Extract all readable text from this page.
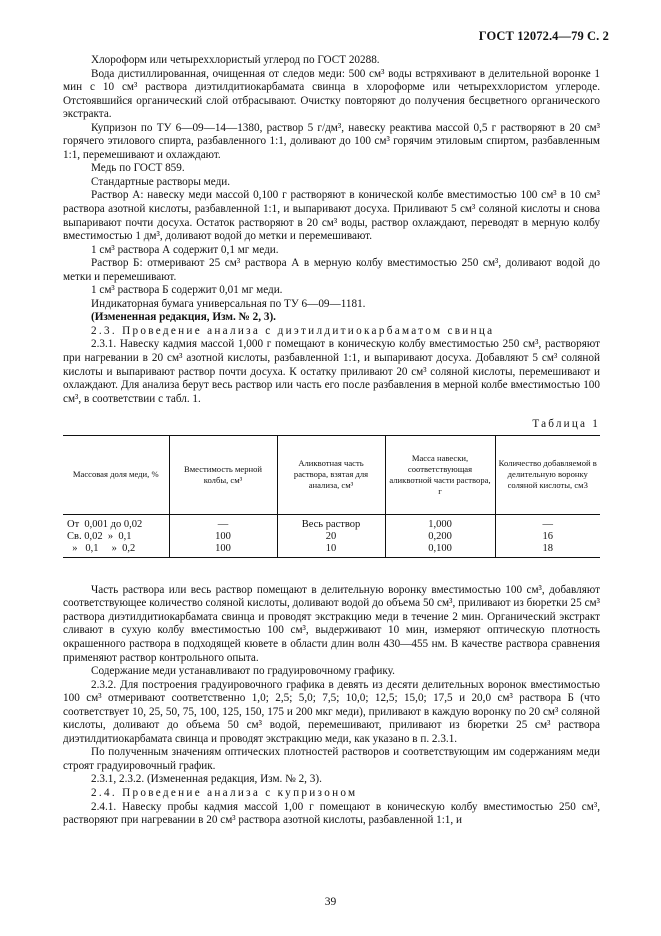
ГОСТ 12072.4—79 С. 2

Хлороформ или четыреххлористый углерод по ГОСТ 20288.

Вода дистиллированная, очищенная от следов меди: 500 см³ воды встряхивают в делительной воронке 1 мин с 10 см³ раствора диэтилдитиокарбамата свинца в хлороформе или четыреххлористом углероде. Отстоявшийся органический слой отбрасывают. Очистку повторяют до получения бесцветного органического экстракта.

Купризон по ТУ 6—09—14—1380, раствор 5 г/дм³, навеску реактива массой 0,5 г растворяют в 20 см³ горячего этилового спирта, разбавленного 1:1, доливают до 100 см³ горячим этиловым спиртом, разбавленным 1:1, перемешивают и охлаждают.

Медь по ГОСТ 859.

Стандартные растворы меди.

Раствор А: навеску меди массой 0,100 г растворяют в конической колбе вместимостью 100 см³ в 10 см³ раствора азотной кислоты, разбавленной 1:1, и выпаривают досуха. Приливают 5 см³ соляной кислоты и снова выпаривают почти досуха. Остаток растворяют в 20 см³ воды, раствор охлаждают, переводят в мерную колбу вместимостью 1 дм³, доливают водой до метки и перемешивают.

1 см³ раствора А содержит 0,1 мг меди.

Раствор Б: отмеривают 25 см³ раствора А в мерную колбу вместимостью 250 см³, доливают водой до метки и перемешивают.

1 см³ раствора Б содержит 0,01 мг меди.

Индикаторная бумага универсальная по ТУ 6—09—1181.

(Измененная редакция, Изм. № 2, 3).

2.3. Проведение анализа с диэтилдитиокарбаматом свинца

2.3.1. Навеску кадмия массой 1,000 г помещают в коническую колбу вместимостью 250 см³, растворяют при нагревании в 20 см³ азотной кислоты, разбавленной 1:1, и выпаривают досуха. Добавляют 5 см³ соляной кислоты и выпаривают раствор почти досуха. К остатку приливают 20 см³ соляной кислоты, перемешивают и охлаждают. Для анализа берут весь раствор или часть его после разбавления в мерной колбе вместимостью 100 см³, в соответствии с табл. 1.

Таблица 1
Массовая доля меди, %	Вместимость мерной колбы, см³	Аликвотная часть раствора, взятая для анализа, см³	Масса навески, соответствующая аликвотной части раствора, г	Количество добавляемой в делительную воронку соляной кислоты, см3
От  0,001 до 0,02	—	Весь раствор	1,000	—
Св. 0,02  »  0,1	100	20	0,200	16
»   0,1     »  0,2	100	10	0,100	18

Часть раствора или весь раствор помещают в делительную воронку вместимостью 100 см³, добавляют соответствующее количество соляной кислоты, доливают водой до объема 50 см³, приливают из бюретки 25 см³ раствора диэтилдитиокарбамата свинца и проводят экстракцию меди в течение 2 мин. Органический экстракт сливают в сухую колбу вместимостью 100 см³, выдерживают 10 мин, измеряют оптическую плотность окрашенного раствора в подходящей кювете в области длин волн 430—455 нм. В качестве раствора сравнения применяют раствор контрольного опыта.

Содержание меди устанавливают по градуировочному графику.

2.3.2. Для построения градуировочного графика в девять из десяти делительных воронок вместимостью 100 см³ отмеривают соответственно 1,0; 2,5; 5,0; 7,5; 10,0; 12,5; 15,0; 17,5 и 20,0 см³ раствора Б (что соответствует 10, 25, 50, 75, 100, 125, 150, 175 и 200 мкг меди), приливают в каждую воронку по 20 см³ соляной кислоты, доливают до объема 50 см³ водой, перемешивают, приливают из бюретки 25 см³ раствора диэтилдитиокарбамата свинца и проводят экстракцию меди, как указано в п. 2.3.1.

По полученным значениям оптических плотностей растворов и соответствующим им содержаниям меди строят градуировочный график.

2.3.1, 2.3.2. (Измененная редакция, Изм. № 2, 3).

2.4. Проведение анализа с купризоном

2.4.1. Навеску пробы кадмия массой 1,00 г помещают в коническую колбу вместимостью 250 см³, растворяют при нагревании в 20 см³ раствора азотной кислоты, разбавленной 1:1, и

39
